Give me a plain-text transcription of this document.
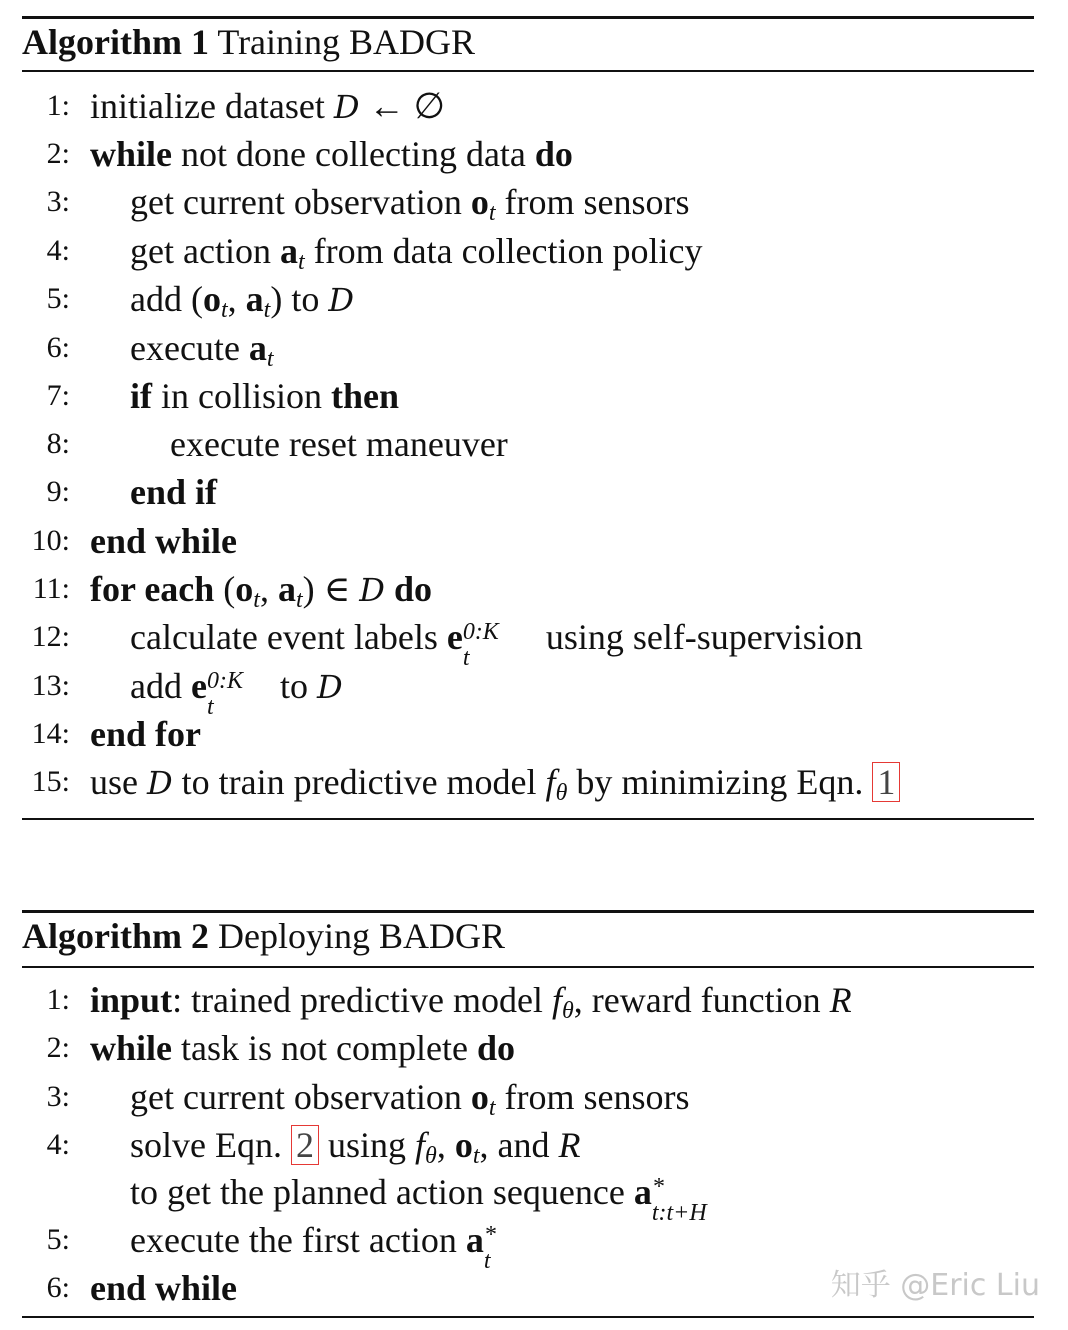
Algorithm 1 Training BADGR
1: initialize dataset D ← ∅
2: while not done collecting data do
3: get current observation $o_t$ from sensors
4: get action $a_t$ from data collection policy
5: add ($o_t$, $a_t$) to D
6: execute $a_t$
7: if in collision then
8:	execute reset maneuver
9: end if
10: end while
11: for each ($o_t$, $a_t$) ∈ D do
12: calculate event labels e 0:K
t
using self-supervision
13: add e 0:K
t
to D
14: end for
15: use D to train predictive model $f_\theta$ by minimizing Eqn. 1
Algorithm 2 Deploying BADGR
1: input: trained predictive model $f_\theta$, reward function R
2: while task is not complete do
3: get current observation $o_t$ from sensors
4: solve Eqn. 2 using $f_\theta$, $o_t$, and R
to get the planned action sequence a *
t:t+H
5: execute the first action a *
t
6: end while	知乎 @Eric Liu
